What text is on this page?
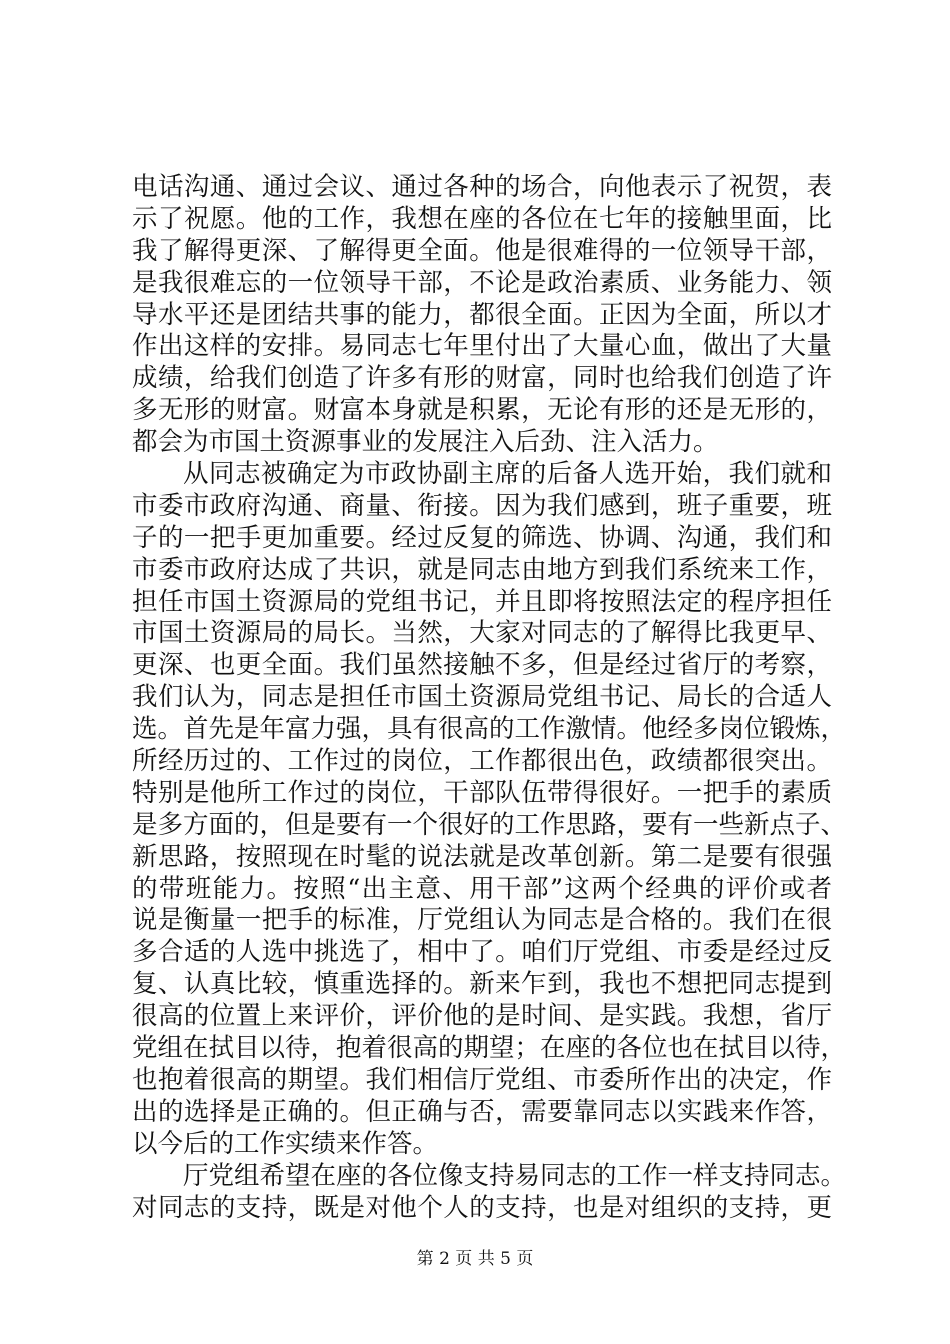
电话沟通、通过会议、通过各种的场合，向他表示了祝贺，表
示了祝愿。他的工作，我想在座的各位在七年的接触里面，比
我了解得更深、了解得更全面。他是很难得的一位领导干部，
是我很难忘的一位领导干部，不论是政治素质、业务能力、领
导水平还是团结共事的能力，都很全面。正因为全面，所以才
作出这样的安排。易同志七年里付出了大量心血，做出了大量
成绩，给我们创造了许多有形的财富，同时也给我们创造了许
多无形的财富。财富本身就是积累，无论有形的还是无形的，
都会为市国土资源事业的发展注入后劲、注入活力。
从同志被确定为市政协副主席的后备人选开始，我们就和
市委市政府沟通、商量、衔接。因为我们感到，班子重要，班
子的一把手更加重要。经过反复的筛选、协调、沟通，我们和
市委市政府达成了共识，就是同志由地方到我们系统来工作，
担任市国土资源局的党组书记，并且即将按照法定的程序担任
市国土资源局的局长。当然，大家对同志的了解得比我更早、
更深、也更全面。我们虽然接触不多，但是经过省厅的考察，
我们认为，同志是担任市国土资源局党组书记、局长的合适人
选。首先是年富力强，具有很高的工作激情。他经多岗位锻炼，
所经历过的、工作过的岗位，工作都很出色，政绩都很突出。
特别是他所工作过的岗位，干部队伍带得很好。一把手的素质
是多方面的，但是要有一个很好的工作思路，要有一些新点子、
新思路，按照现在时髦的说法就是改革创新。第二是要有很强
的带班能力。按照“出主意、用干部”这两个经典的评价或者
说是衡量一把手的标准，厅党组认为同志是合格的。我们在很
多合适的人选中挑选了，相中了。咱们厅党组、市委是经过反
复、认真比较，慎重选择的。新来乍到，我也不想把同志提到
很高的位置上来评价，评价他的是时间、是实践。我想，省厅
党组在拭目以待，抱着很高的期望；在座的各位也在拭目以待，
也抱着很高的期望。我们相信厅党组、市委所作出的决定，作
出的选择是正确的。但正确与否，需要靠同志以实践来作答，
以今后的工作实绩来作答。
厅党组希望在座的各位像支持易同志的工作一样支持同志。
对同志的支持，既是对他个人的支持，也是对组织的支持，更
第 2 页 共 5 页
